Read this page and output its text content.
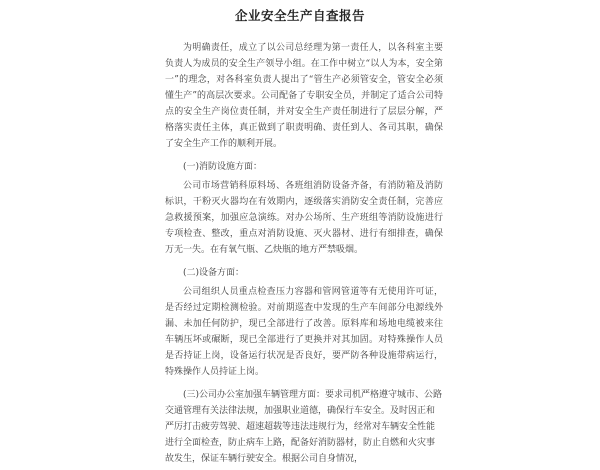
企业安全生产自查报告

为明确责任，成立了以公司总经理为第一责任人，以各科室主要负责人为成员的安全生产领导小组。在工作中树立“以人为本，安全第一”的理念，对各科室负责人提出了“管生产必须管安全，管安全必须懂生产”的高层次要求。公司配备了专职安全员，并制定了适合公司特点的安全生产岗位责任制，并对安全生产责任制进行了层层分解，严格落实责任主体，真正做到了职责明确、责任到人、各司其职，确保了安全生产工作的顺利开展。

(一)消防设施方面：

公司市场营销科原料场、各班组消防设备齐备，有消防箱及消防标识，干粉灭火器均在有效期内，逐级落实消防安全责任制，完善应急救援预案，加强应急演练。对办公场所、生产班组等消防设施进行专项检查、整改，重点对消防设施、灭火器材、进行有细排查，确保万无一失。在有氧气瓶、乙炔瓶的地方严禁吸烟。

(二)设备方面：

公司组织人员重点检查压力容器和管网管道等有无使用许可证，是否经过定期检测检验。对前期巡查中发现的生产车间部分电源线外漏、未加任何防护，现已全部进行了改善。原料库和场地电缆被来往车辆压坏或碾断，现已全部进行了更换并对其加固。对特殊操作人员是否持证上岗，设备运行状况是否良好，要严防各种设施带病运行，特殊操作人员持证上岗。

(三)公司办公室加强车辆管理方面：要求司机严格遵守城市、公路交通管理有关法律法规，加强职业道德，确保行车安全。及时因正和严厉打击疲劳驾驶、超速超载等违法违规行为，经常对车辆安全性能进行全面检查，防止病车上路，配备好消防器材，防止自燃和火灾事故发生，保证车辆行驶安全。根据公司自身情况，
